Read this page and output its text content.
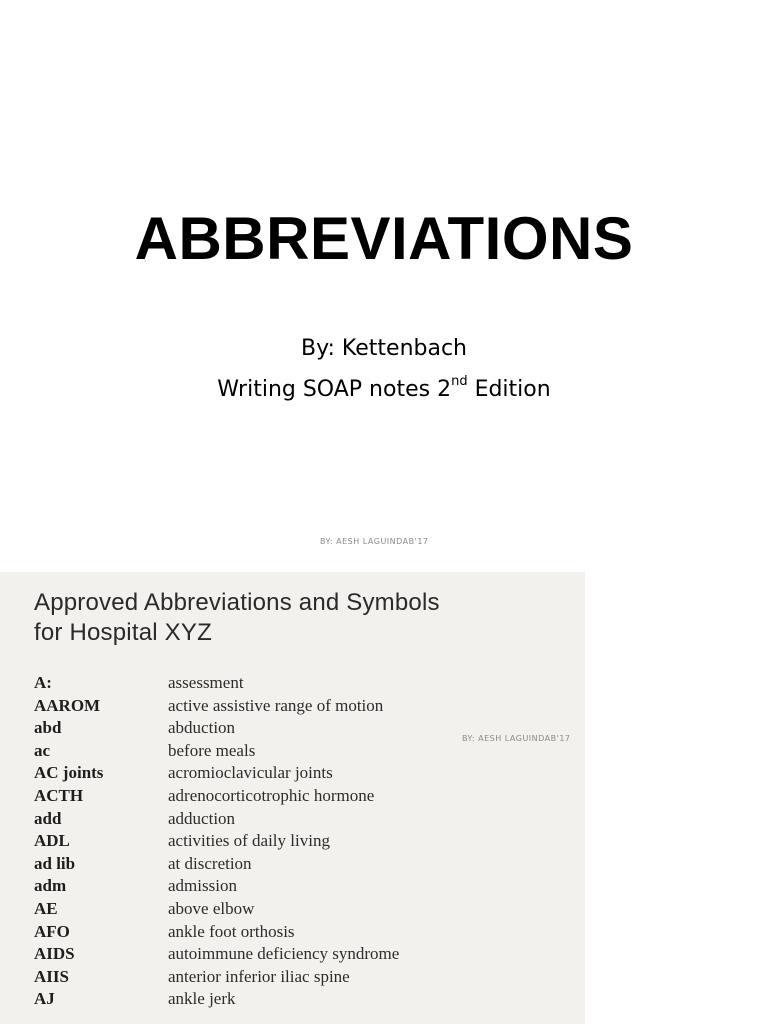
ABBREVIATIONS
By: Kettenbach
Writing SOAP notes 2nd Edition
BY: AESH LAGUINDAB'17
Approved Abbreviations and Symbols
for Hospital XYZ
A:	assessment
AAROM	active assistive range of motion
abd	abduction
ac	before meals
AC joints	acromioclavicular joints
ACTH	adrenocorticotrophic hormone
add	adduction
ADL	activities of daily living
ad lib	at discretion
adm	admission
AE	above elbow
AFO	ankle foot orthosis
AIDS	autoimmune deficiency syndrome
AIIS	anterior inferior iliac spine
AJ	ankle jerk
BY: AESH LAGUINDAB'17
